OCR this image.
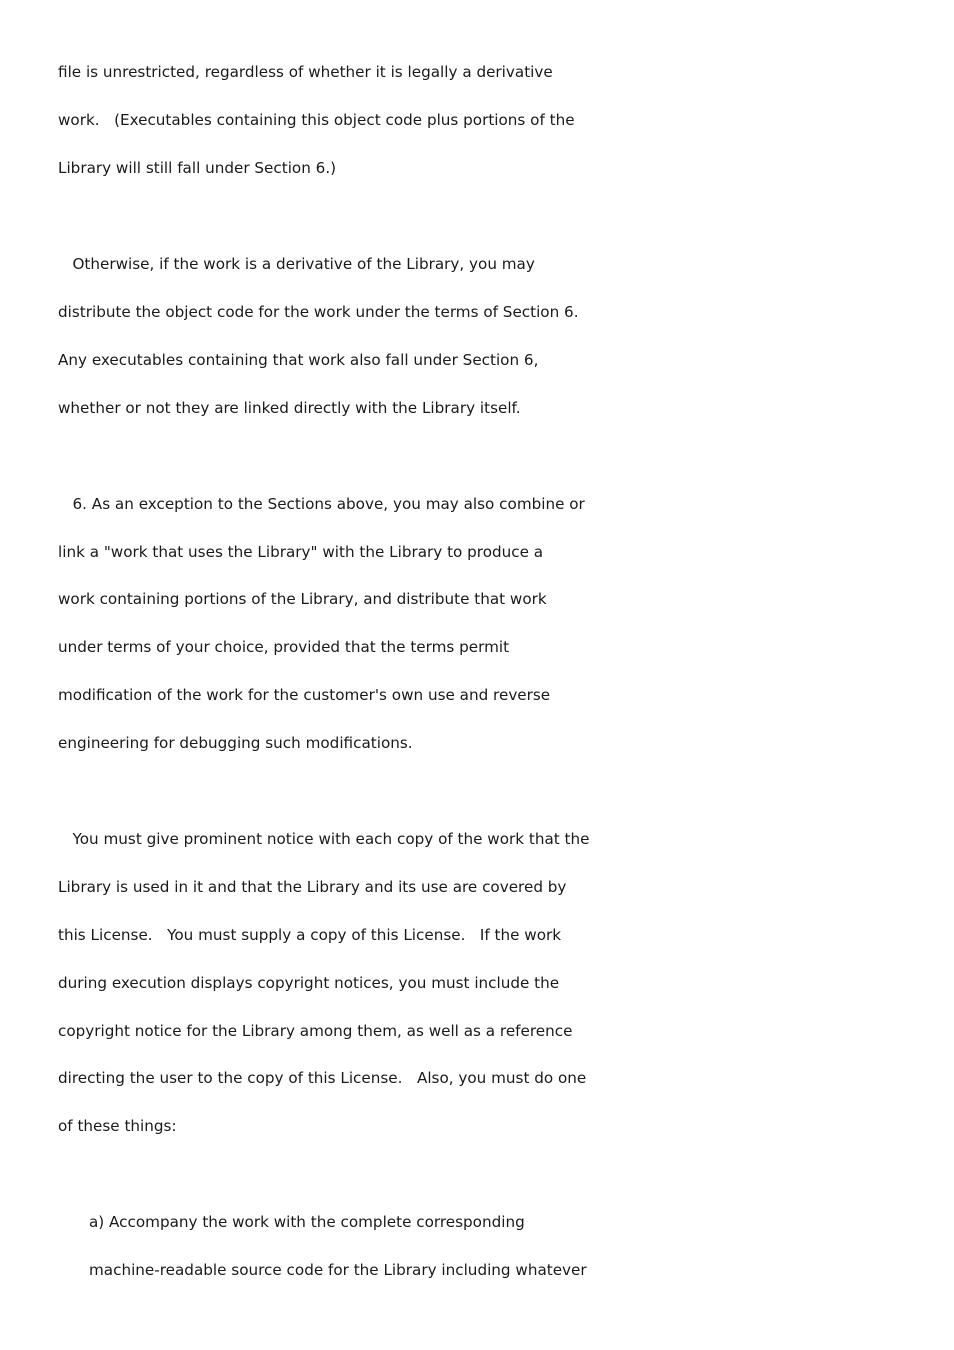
file is unrestricted, regardless of whether it is legally a derivative
work.   (Executables containing this object code plus portions of the
Library will still fall under Section 6.)
Otherwise, if the work is a derivative of the Library, you may
distribute the object code for the work under the terms of Section 6.
Any executables containing that work also fall under Section 6,
whether or not they are linked directly with the Library itself.
6. As an exception to the Sections above, you may also combine or
link a "work that uses the Library" with the Library to produce a
work containing portions of the Library, and distribute that work
under terms of your choice, provided that the terms permit
modification of the work for the customer's own use and reverse
engineering for debugging such modifications.
You must give prominent notice with each copy of the work that the
Library is used in it and that the Library and its use are covered by
this License.   You must supply a copy of this License.   If the work
during execution displays copyright notices, you must include the
copyright notice for the Library among them, as well as a reference
directing the user to the copy of this License.   Also, you must do one
of these things:
a) Accompany the work with the complete corresponding
machine-readable source code for the Library including whatever
